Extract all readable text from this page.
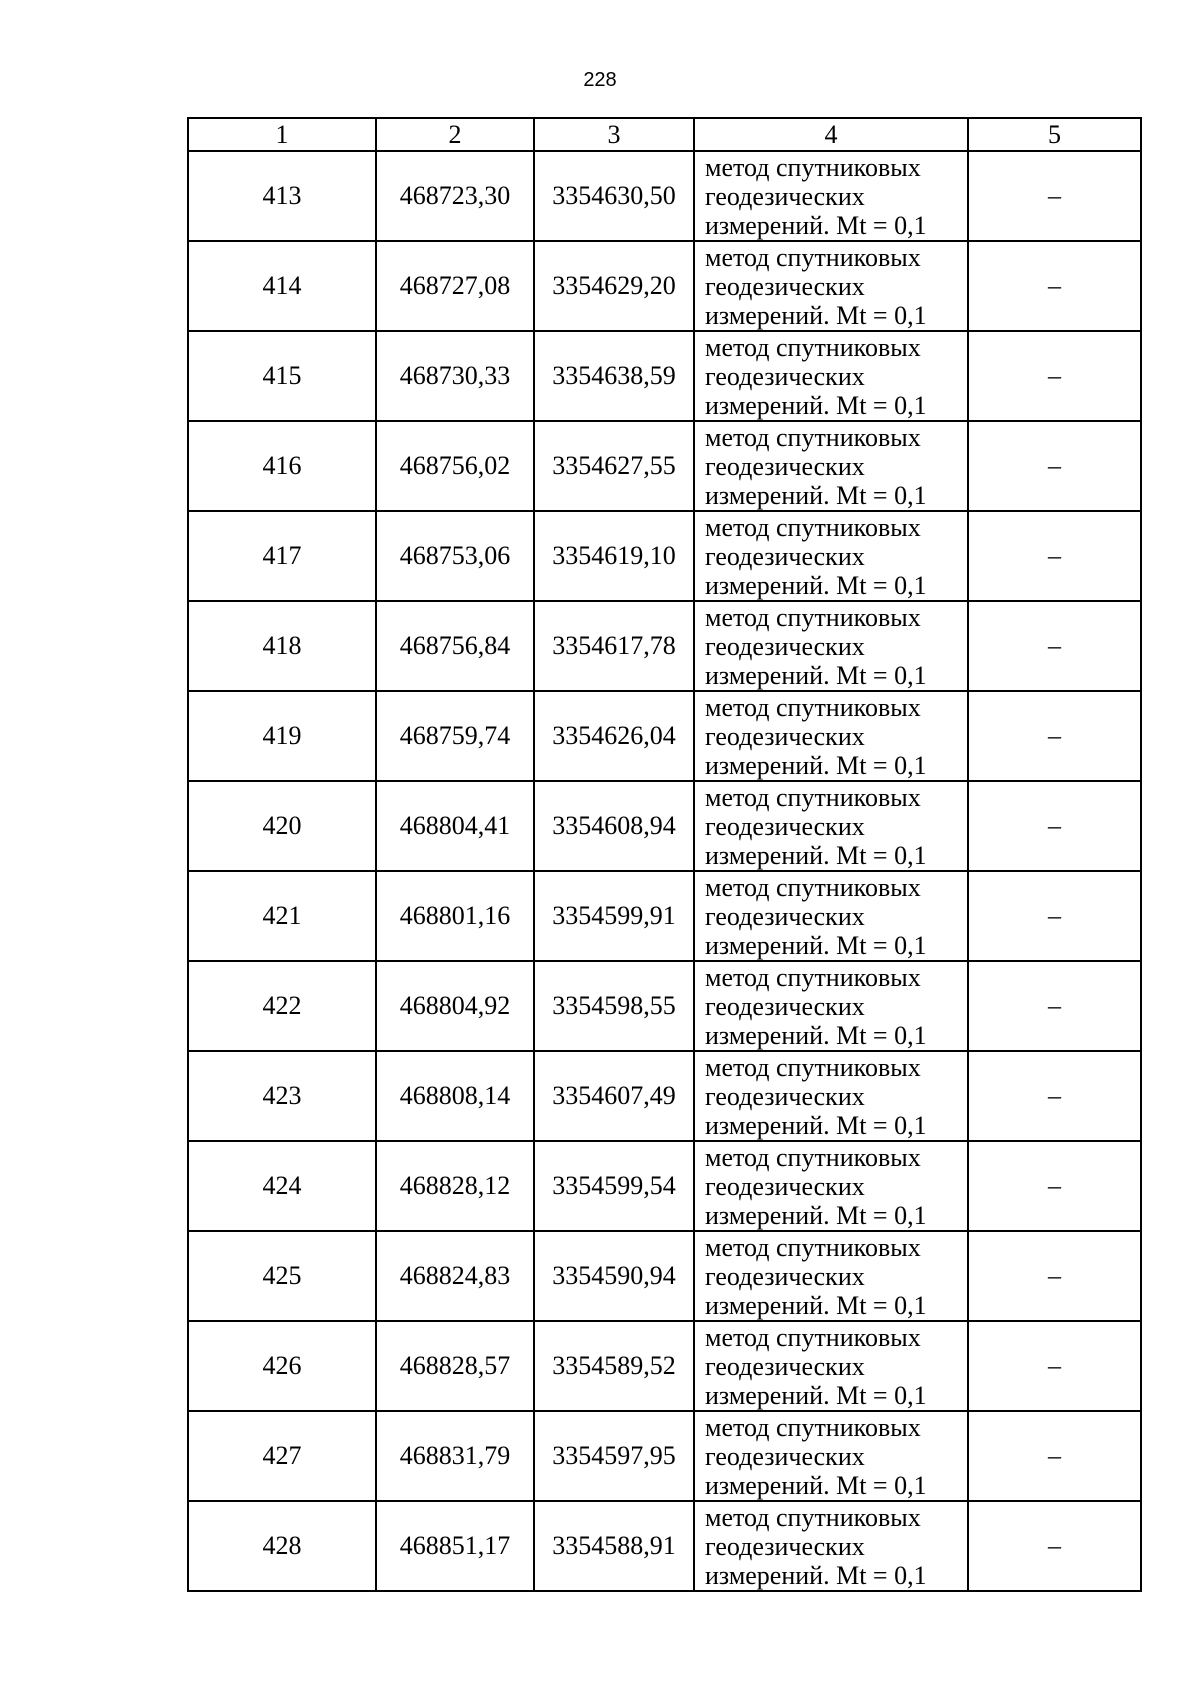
228
1	2	3	4	5
413	468723,30	3354630,50	метод спутниковых
геодезических
измерений. Mt = 0,1	–
414	468727,08	3354629,20	метод спутниковых
геодезических
измерений. Mt = 0,1	–
415	468730,33	3354638,59	метод спутниковых
геодезических
измерений. Mt = 0,1	–
416	468756,02	3354627,55	метод спутниковых
геодезических
измерений. Mt = 0,1	–
417	468753,06	3354619,10	метод спутниковых
геодезических
измерений. Mt = 0,1	–
418	468756,84	3354617,78	метод спутниковых
геодезических
измерений. Mt = 0,1	–
419	468759,74	3354626,04	метод спутниковых
геодезических
измерений. Mt = 0,1	–
420	468804,41	3354608,94	метод спутниковых
геодезических
измерений. Mt = 0,1	–
421	468801,16	3354599,91	метод спутниковых
геодезических
измерений. Mt = 0,1	–
422	468804,92	3354598,55	метод спутниковых
геодезических
измерений. Mt = 0,1	–
423	468808,14	3354607,49	метод спутниковых
геодезических
измерений. Mt = 0,1	–
424	468828,12	3354599,54	метод спутниковых
геодезических
измерений. Mt = 0,1	–
425	468824,83	3354590,94	метод спутниковых
геодезических
измерений. Mt = 0,1	–
426	468828,57	3354589,52	метод спутниковых
геодезических
измерений. Mt = 0,1	–
427	468831,79	3354597,95	метод спутниковых
геодезических
измерений. Mt = 0,1	–
428	468851,17	3354588,91	метод спутниковых
геодезических
измерений. Mt = 0,1	–
